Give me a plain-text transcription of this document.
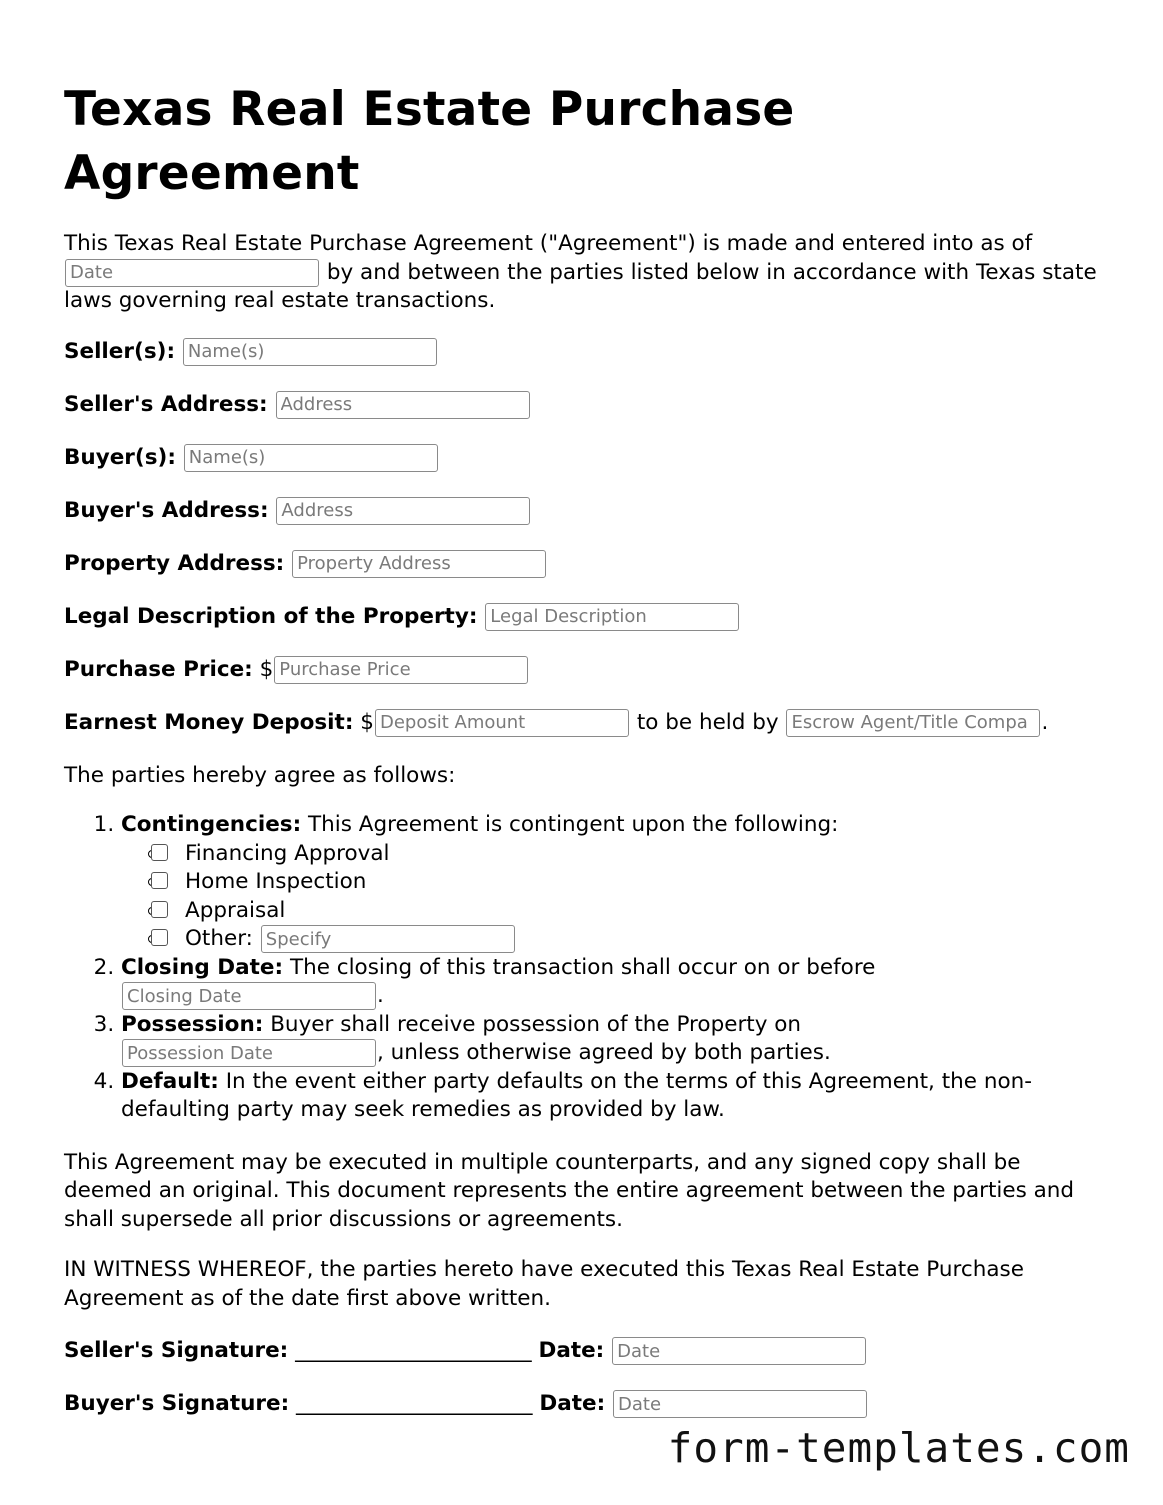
Texas Real Estate Purchase Agreement

This Texas Real Estate Purchase Agreement ("Agreement") is made and entered into as of Date by and between the parties listed below in accordance with Texas state laws governing real estate transactions.

Seller(s): Name(s)
Seller's Address: Address
Buyer(s): Name(s)
Buyer's Address: Address
Property Address: Property Address
Legal Description of the Property: Legal Description
Purchase Price: $Purchase Price
Earnest Money Deposit: $Deposit Amount	to be held by Escrow Agent/Title Compa	.

The parties hereby agree as follows:

1. Contingencies: This Agreement is contingent upon the following:
Financing Approval
Home Inspection
Appraisal
Other: Specify
2. Closing Date: The closing of this transaction shall occur on or before
Closing Date.
3. Possession: Buyer shall receive possession of the Property on
Possession Date, unless otherwise agreed by both parties.
4. Default: In the event either party defaults on the terms of this Agreement, the non-defaulting party may seek remedies as provided by law.

This Agreement may be executed in multiple counterparts, and any signed copy shall be deemed an original. This document represents the entire agreement between the parties and shall supersede all prior discussions or agreements.

IN WITNESS WHEREOF, the parties hereto have executed this Texas Real Estate Purchase Agreement as of the date first above written.

Seller's Signature: ______________________ Date: Date
Buyer's Signature: ______________________ Date: Date
form-templates.com
